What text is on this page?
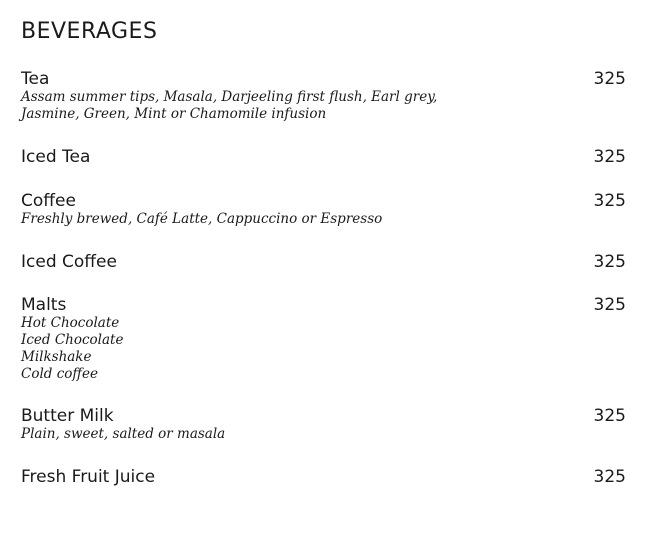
BEVERAGES
Tea	325

Assam summer tips, Masala, Darjeeling first flush, Earl grey,
Jasmine, Green, Mint or Chamomile infusion

Iced Tea	325
Coffee	325

Freshly brewed, Café Latte, Cappuccino or Espresso

Iced Coffee	325
Malts	325

Hot Chocolate
Iced Chocolate
Milkshake
Cold coffee

Butter Milk	325

Plain, sweet, salted or masala

Fresh Fruit Juice	325
